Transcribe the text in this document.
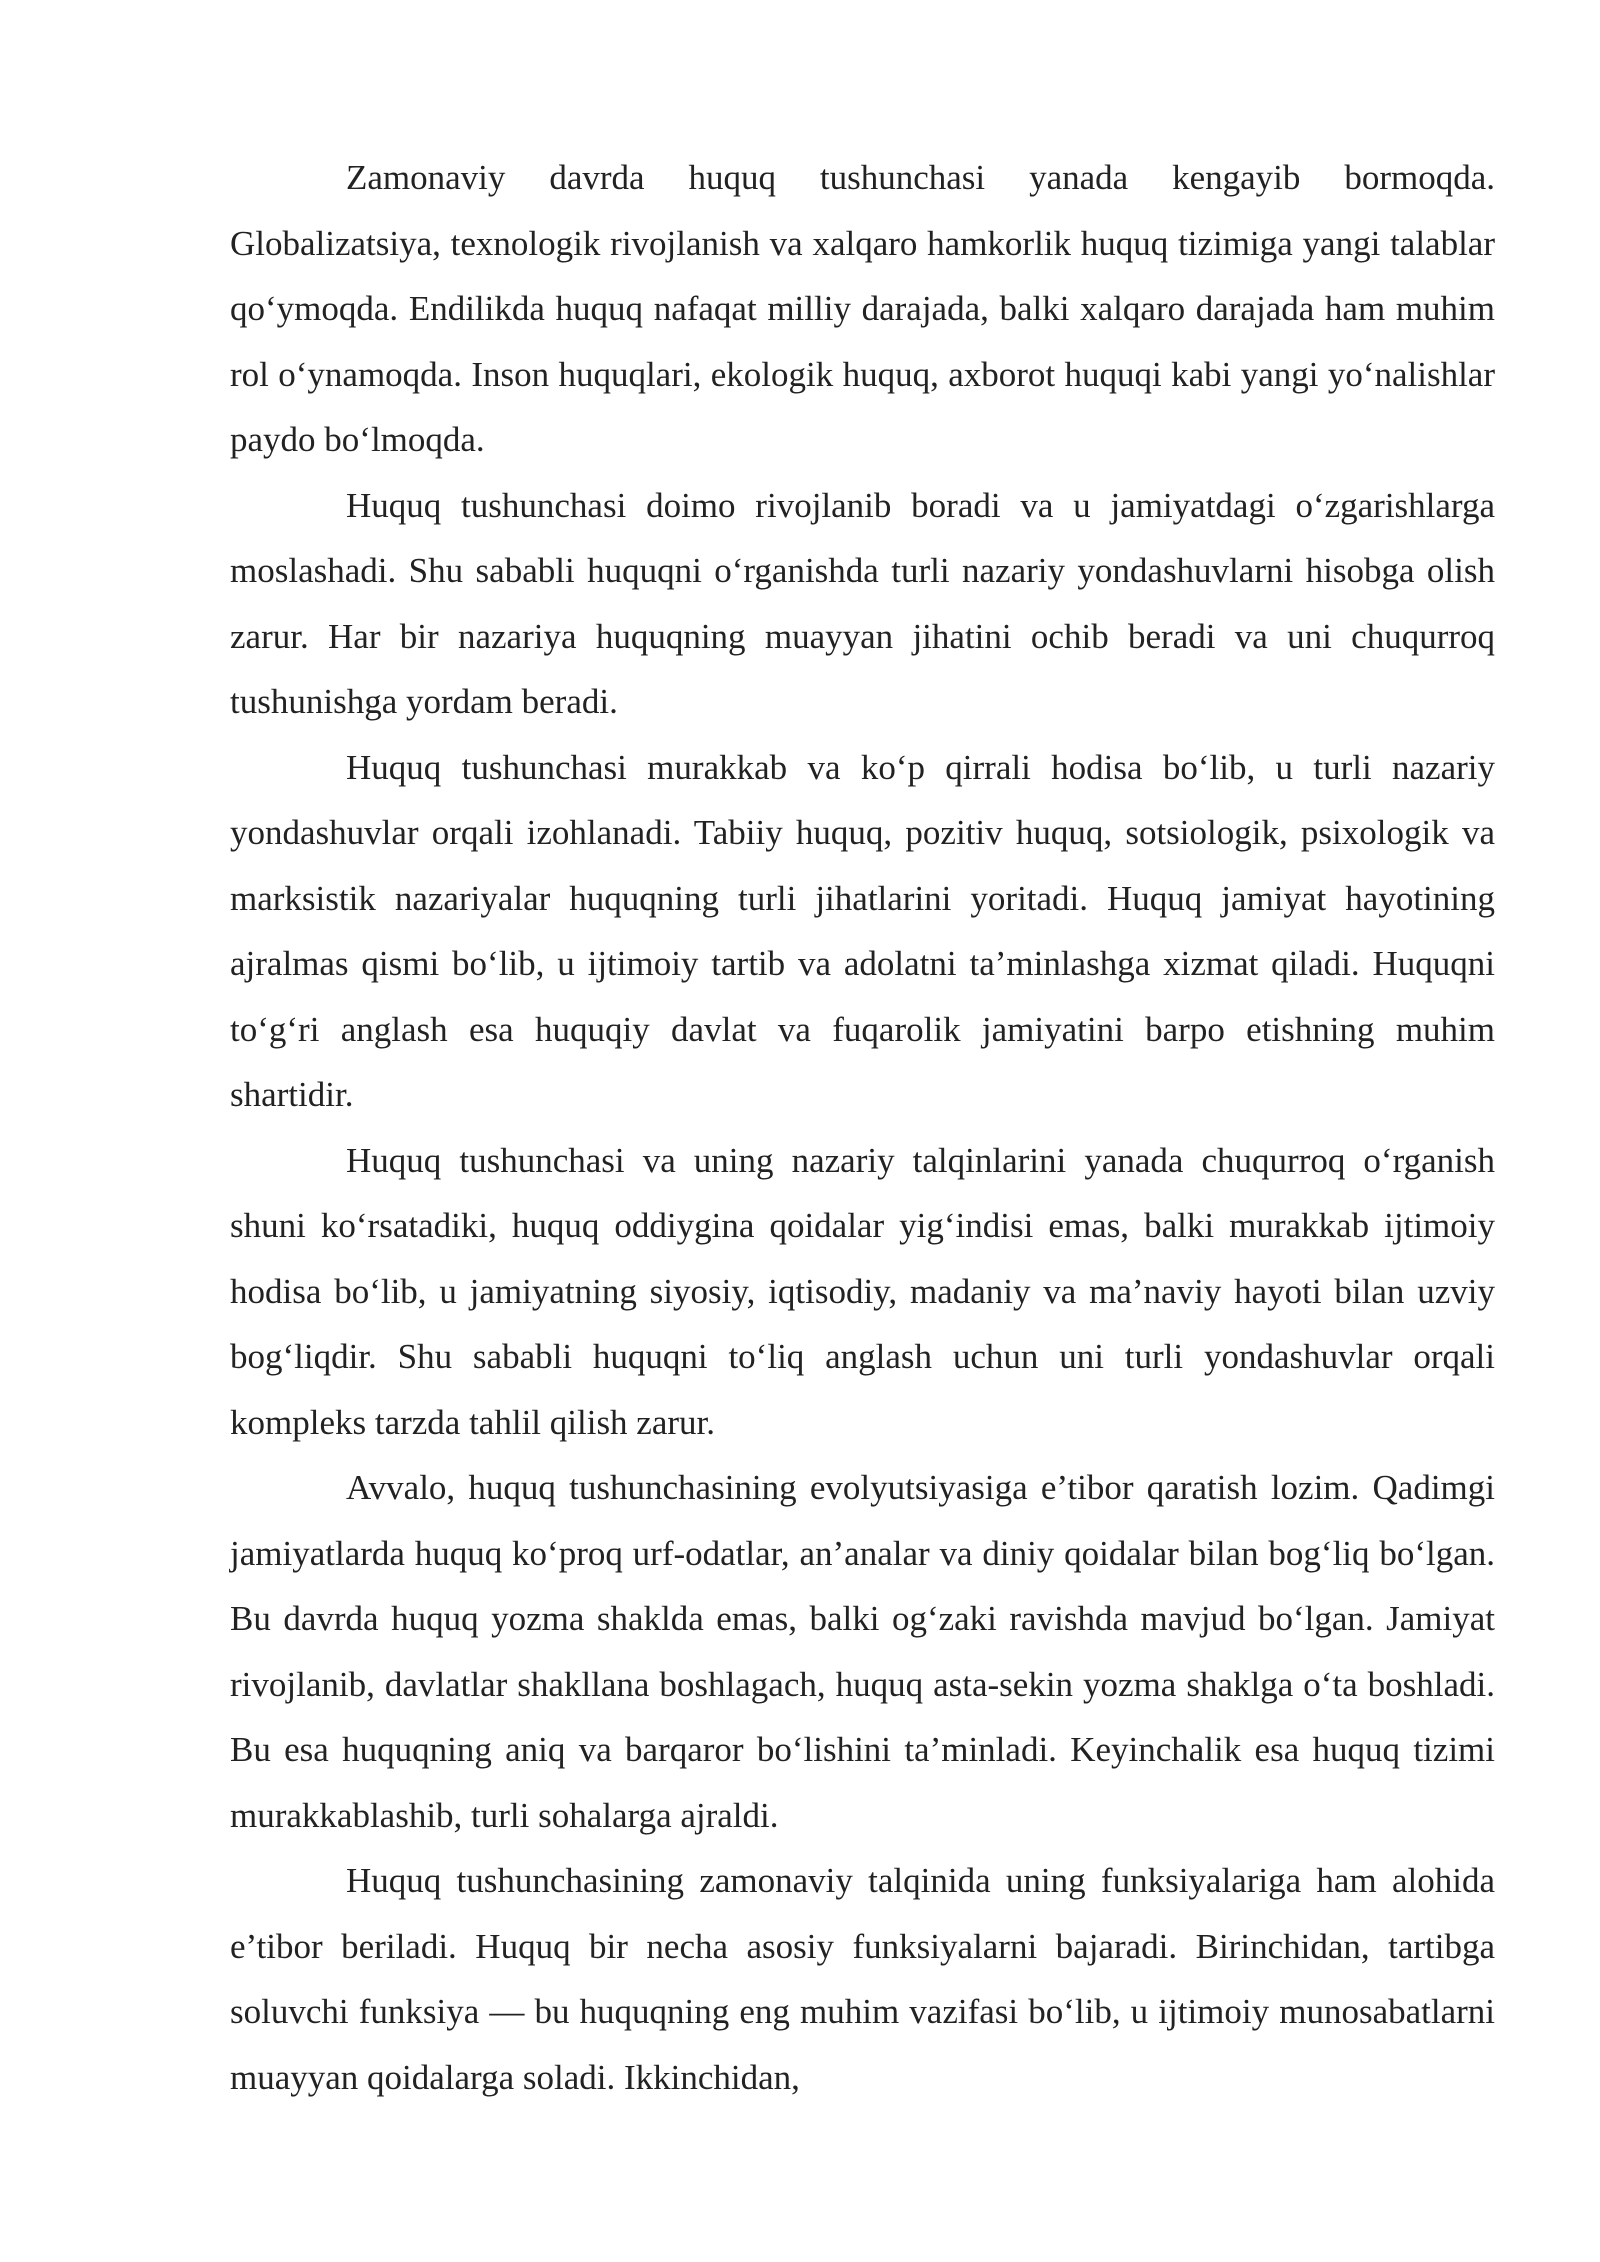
Zamonaviy davrda huquq tushunchasi yanada kengayib bormoqda. Globalizatsiya, texnologik rivojlanish va xalqaro hamkorlik huquq tizimiga yangi talablar qo‘ymoqda. Endilikda huquq nafaqat milliy darajada, balki xalqaro darajada ham muhim rol o‘ynamoqda. Inson huquqlari, ekologik huquq, axborot huquqi kabi yangi yo‘nalishlar paydo bo‘lmoqda.

Huquq tushunchasi doimo rivojlanib boradi va u jamiyatdagi o‘zgarishlarga moslashadi. Shu sababli huquqni o‘rganishda turli nazariy yondashuvlarni hisobga olish zarur. Har bir nazariya huquqning muayyan jihatini ochib beradi va uni chuqurroq tushunishga yordam beradi.

Huquq tushunchasi murakkab va ko‘p qirrali hodisa bo‘lib, u turli nazariy yondashuvlar orqali izohlanadi. Tabiiy huquq, pozitiv huquq, sotsiologik, psixologik va marksistik nazariyalar huquqning turli jihatlarini yoritadi. Huquq jamiyat hayotining ajralmas qismi bo‘lib, u ijtimoiy tartib va adolatni ta’minlashga xizmat qiladi. Huquqni to‘g‘ri anglash esa huquqiy davlat va fuqarolik jamiyatini barpo etishning muhim shartidir.

Huquq tushunchasi va uning nazariy talqinlarini yanada chuqurroq o‘rganish shuni ko‘rsatadiki, huquq oddiygina qoidalar yig‘indisi emas, balki murakkab ijtimoiy hodisa bo‘lib, u jamiyatning siyosiy, iqtisodiy, madaniy va ma’naviy hayoti bilan uzviy bog‘liqdir. Shu sababli huquqni to‘liq anglash uchun uni turli yondashuvlar orqali kompleks tarzda tahlil qilish zarur.

Avvalo, huquq tushunchasining evolyutsiyasiga e’tibor qaratish lozim. Qadimgi jamiyatlarda huquq ko‘proq urf-odatlar, an’analar va diniy qoidalar bilan bog‘liq bo‘lgan. Bu davrda huquq yozma shaklda emas, balki og‘zaki ravishda mavjud bo‘lgan. Jamiyat rivojlanib, davlatlar shakllana boshlagach, huquq asta-sekin yozma shaklga o‘ta boshladi. Bu esa huquqning aniq va barqaror bo‘lishini ta’minladi. Keyinchalik esa huquq tizimi murakkablashib, turli sohalarga ajraldi.

Huquq tushunchasining zamonaviy talqinida uning funksiyalariga ham alohida e’tibor beriladi. Huquq bir necha asosiy funksiyalarni bajaradi. Birinchidan, tartibga soluvchi funksiya — bu huquqning eng muhim vazifasi bo‘lib, u ijtimoiy munosabatlarni muayyan qoidalarga soladi. Ikkinchidan,
